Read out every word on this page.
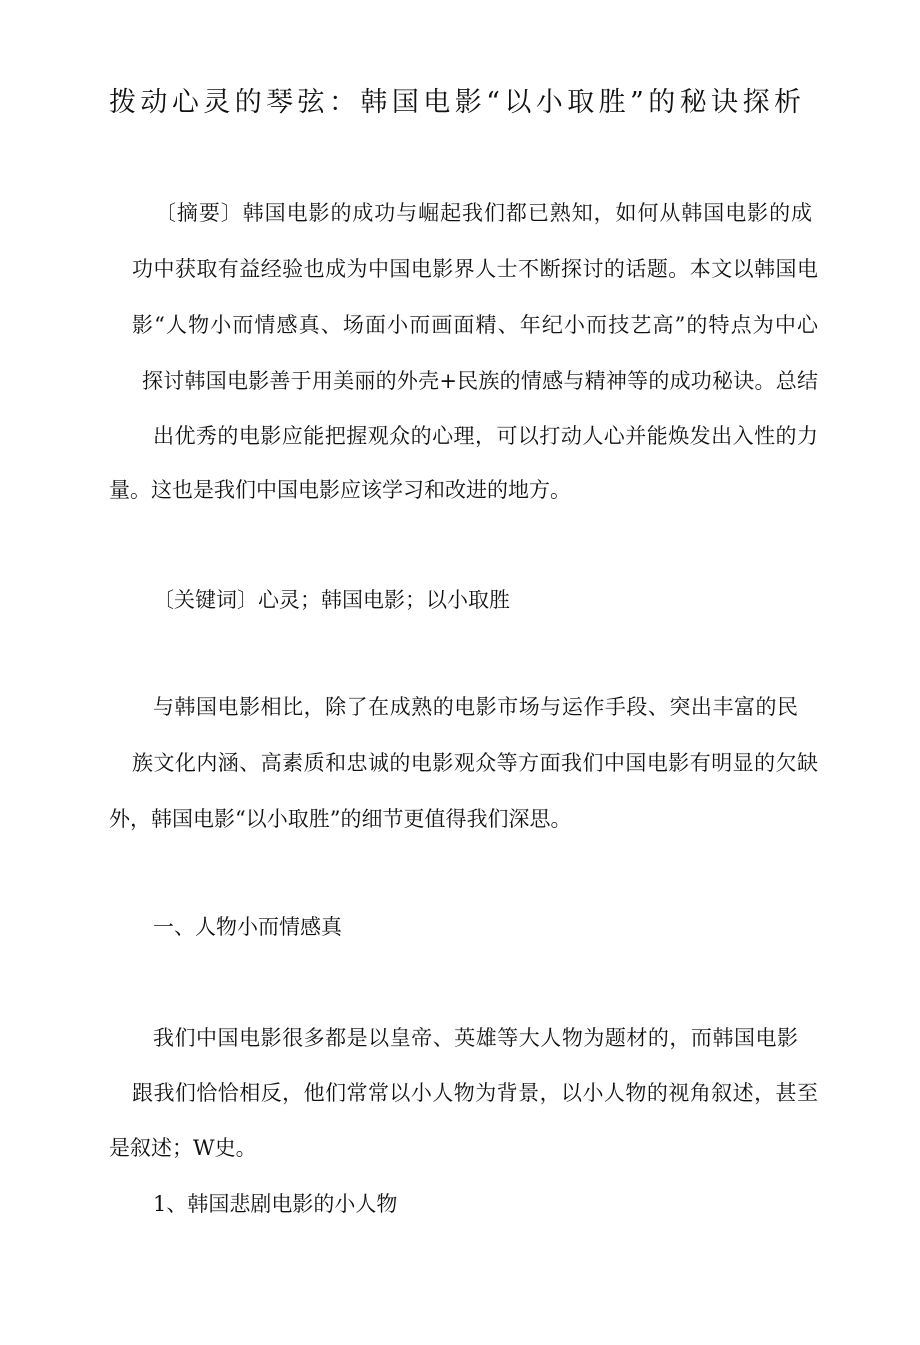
拨动心灵的琴弦：韩国电影“以小取胜”的秘诀探析
〔摘要〕韩国电影的成功与崛起我们都已熟知，如何从韩国电影的成
功中获取有益经验也成为中国电影界人士不断探讨的话题。本文以韩国电
影“人物小而情感真、场面小而画面精、年纪小而技艺高”的特点为中心
探讨韩国电影善于用美丽的外壳+民族的情感与精神等的成功秘诀。总结
出优秀的电影应能把握观众的心理，可以打动人心并能焕发出入性的力
量。这也是我们中国电影应该学习和改进的地方。
〔关键词〕心灵；韩国电影；以小取胜
与韩国电影相比，除了在成熟的电影市场与运作手段、突出丰富的民
族文化内涵、高素质和忠诚的电影观众等方面我们中国电影有明显的欠缺
外，韩国电影“以小取胜”的细节更值得我们深思。
一、人物小而情感真
我们中国电影很多都是以皇帝、英雄等大人物为题材的，而韩国电影
跟我们恰恰相反，他们常常以小人物为背景，以小人物的视角叙述，甚至
是叙述；W史。
1、韩国悲剧电影的小人物
